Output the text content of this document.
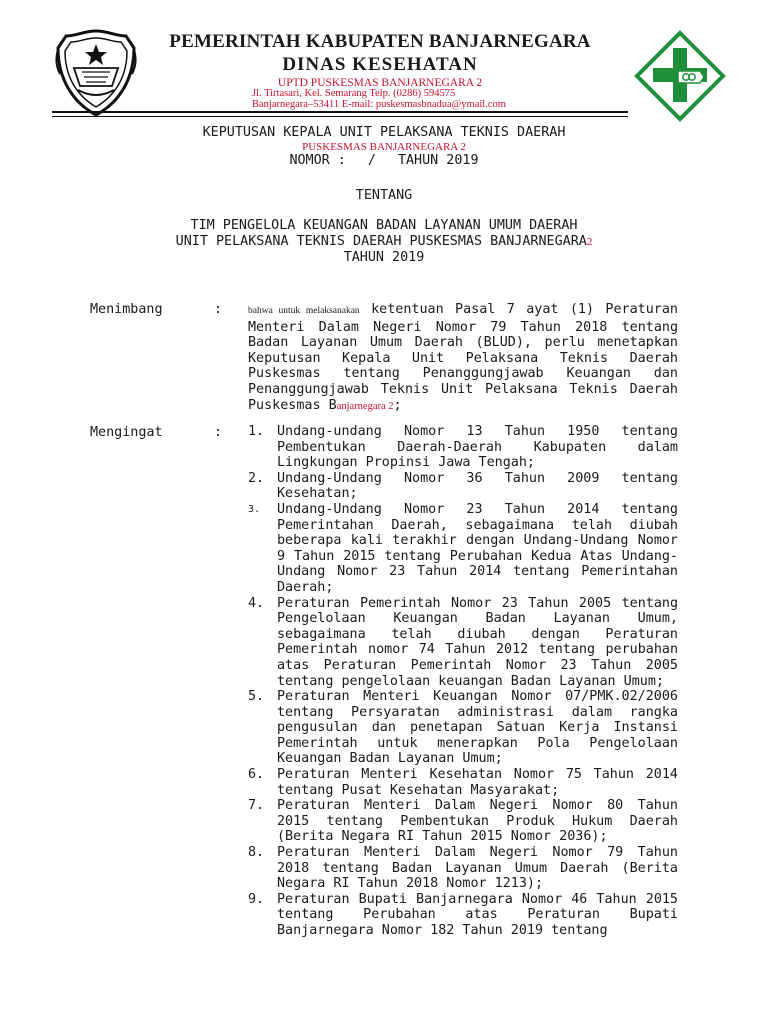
PEMERINTAH KABUPATEN BANJARNEGARA
DINAS KESEHATAN
UPTD PUSKESMAS BANJARNEGARA 2
Jl. Tirtasari, Kel. Semarang Telp. (0286) 594575
Banjarnegara–53411 E-mail: puskesmasbnadua@ymail.com
KEPUTUSAN KEPALA UNIT PELAKSANA TEKNIS DAERAH
PUSKESMAS BANJARNEGARA 2
NOMOR : / TAHUN 2019
TENTANG
TIM PENGELOLA KEUANGAN BADAN LAYANAN UMUM DAERAH
UNIT PELAKSANA TEKNIS DAERAH PUSKESMAS BANJARNEGARA2
TAHUN 2019
Menimbang	:	bahwa untuk melaksanakan ketentuan Pasal 7 ayat (1) Peraturan Menteri Dalam Negeri Nomor 79 Tahun 2018 tentang Badan Layanan Umum Daerah (BLUD), perlu menetapkan Keputusan Kepala Unit Pelaksana Teknis Daerah Puskesmas tentang Penanggungjawab Keuangan dan Penanggungjawab Teknis Unit Pelaksana Teknis Daerah Puskesmas Banjarnegara 2;
Mengingat	: 1. Undang-undang Nomor 13 Tahun 1950 tentang Pembentukan Daerah-Daerah Kabupaten dalam Lingkungan Propinsi Jawa Tengah;
2. Undang-Undang Nomor 36 Tahun 2009 tentang Kesehatan;
3.	Undang-Undang Nomor 23 Tahun 2014 tentang Pemerintahan Daerah, sebagaimana telah diubah beberapa kali terakhir dengan Undang-Undang Nomor 9 Tahun 2015 tentang Perubahan Kedua Atas Undang-Undang Nomor 23 Tahun 2014 tentang Pemerintahan Daerah;
4. Peraturan Pemerintah Nomor 23 Tahun 2005 tentang Pengelolaan Keuangan Badan Layanan Umum, sebagaimana telah diubah dengan Peraturan Pemerintah nomor 74 Tahun 2012 tentang perubahan atas Peraturan Pemerintah Nomor 23 Tahun 2005 tentang pengelolaan keuangan Badan Layanan Umum;
5. Peraturan Menteri Keuangan Nomor 07/PMK.02/2006 tentang Persyaratan administrasi dalam rangka pengusulan dan penetapan Satuan Kerja Instansi Pemerintah untuk menerapkan Pola Pengelolaan Keuangan Badan Layanan Umum;
6. Peraturan Menteri Kesehatan Nomor 75 Tahun 2014 tentang Pusat Kesehatan Masyarakat;
7. Peraturan Menteri Dalam Negeri Nomor 80 Tahun 2015 tentang Pembentukan Produk Hukum Daerah (Berita Negara RI Tahun 2015 Nomor 2036);
8. Peraturan Menteri Dalam Negeri Nomor 79 Tahun 2018 tentang Badan Layanan Umum Daerah (Berita Negara RI Tahun 2018 Nomor 1213);
9. Peraturan Bupati Banjarnegara Nomor 46 Tahun 2015 tentang Perubahan atas Peraturan Bupati Banjarnegara Nomor 182 Tahun 2019 tentang
